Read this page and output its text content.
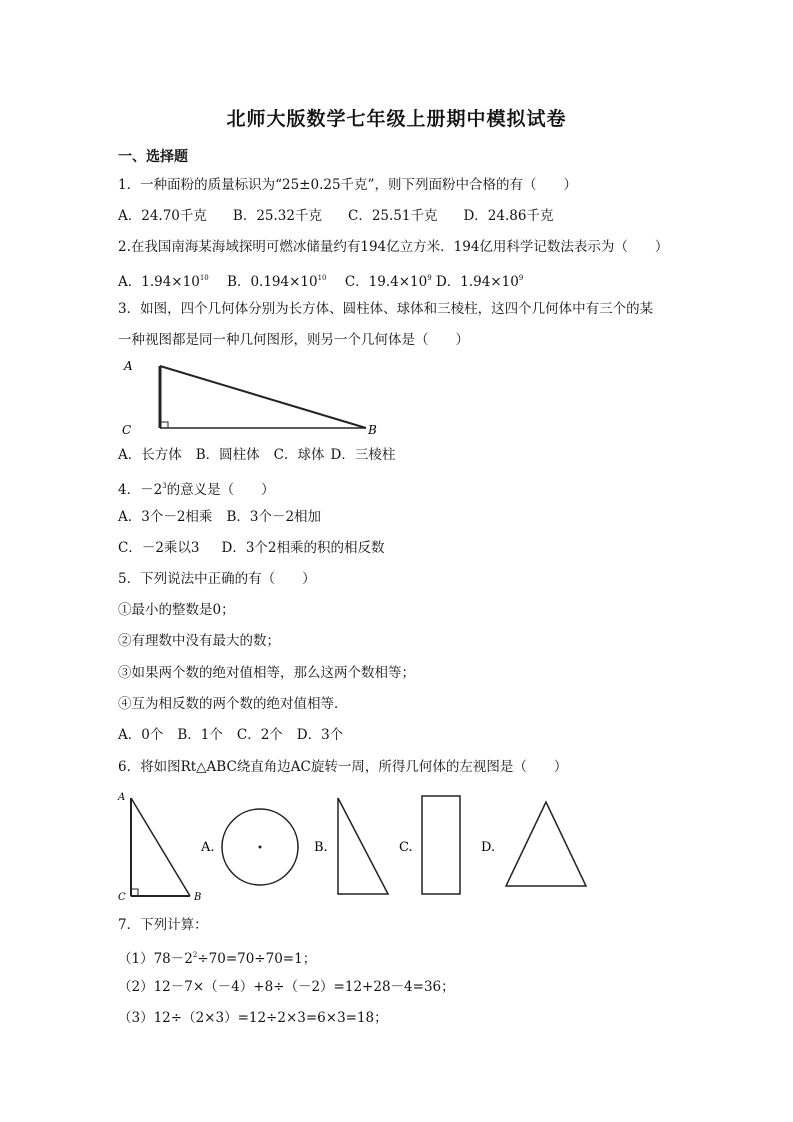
北师大版数学七年级上册期中模拟试卷
一、选择题
1．一种面粉的质量标识为“25±0.25千克”，则下列面粉中合格的有（　　）
A．24.70千克 B．25.32千克 C．25.51千克 D．24.86千克
2.在我国南海某海域探明可燃冰储量约有194亿立方米．194亿用科学记数法表示为（　　）
A．$1.94\times 10^{10}$ B．$0.194\times 10^{10}$ C．$19.4\times 10^9$ D．$1.94\times 10^9$
3．如图，四个几何体分别为长方体、圆柱体、球体和三棱柱，这四个几何体中有三个的某
一种视图都是同一种几何图形，则另一个几何体是（　　）
A
C	B
A．长方体 B．圆柱体 C．球体 D．三棱柱
4．$-2^3$的意义是（　　）
A．3个－2相乘 B．3个－2相加
C．－2乘以3 D．3个2相乘的积的相反数
5．下列说法中正确的有（　　）
①最小的整数是0；
②有理数中没有最大的数；
③如果两个数的绝对值相等，那么这两个数相等；
④互为相反数的两个数的绝对值相等．
A．0个 B．1个 C．2个 D．3个
6．将如图Rt△ABC绕直角边AC旋转一周，所得几何体的左视图是（　　）
A
C	B
A.	B.	C.	D.
7．下列计算：
$(1)78-2^2\div 70=70\div 70=1$；
（2）12－7×（－4）+8÷（－2）=12+28－4=36；
（3）12÷（2×3）=12÷2×3=6×3=18；
